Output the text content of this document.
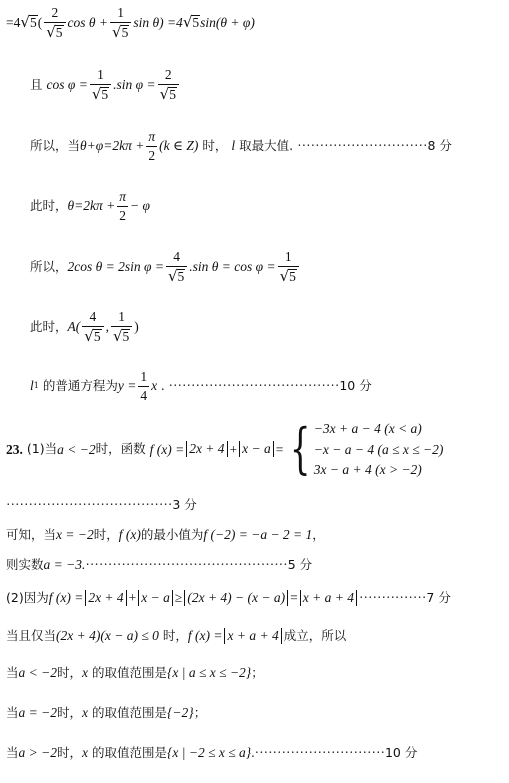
=4 √ 5 ( $\frac{2}{√ 5}$ $\cos \theta + \frac{1}{√ 5}$ sin θ) =4 √ 5 sin(θ + φ)
且 $\cos \varphi = \frac{1}{√ 5} .\sin$ $\varphi = \frac{2}{√ 5}$
所以，当 $\theta+\varphi=2k\pi + \frac{\pi}{2} (k$ ∈ Z) 时， l 取最大值. ····························· 8 分
此时， $\theta=2k\pi + \frac{\pi}{2} - \varphi$
所以， 2cos θ = 2sin $\varphi = \frac{4}{√ 5} .\sin$ $\theta = \cos \varphi = \frac{1}{√ 5}$
此时， $A( \frac{4}{√ 5}$ , $\frac{1}{√ 5}$ )
l 1 的普通方程为 $y = \frac{1}{4}$ x . ······································ 10 分
23. (1)当 a < −2 时，函数 f (x) = 2x + 4 + x − a = { −3x + a − 4 (x < a)
−x − a − 4 (a ≤ x ≤ −2)
3x − a + 4 (x > −2)
····································· 3 分
可知，当 x = −2 时， f (x) 的最小值为 f (−2) = −a − 2 = 1 ，
则实数 a = −3. ············································· 5 分
(2)因为 f (x) = 2x + 4 + x − a ≥ (2x + 4) − (x − a) = x + a + 4 ··············· 7 分
当且仅当 (2x + 4)(x − a) ≤ 0 时， f (x) = x + a + 4 成立，所以
当 a < −2 时， x 的取值范围是 {x | a ≤ x ≤ −2} ；
当 a = −2 时， x 的取值范围是 {−2} ；
当 a > −2 时， x 的取值范围是 {x | −2 ≤ x ≤ a} . ····························· 10 分
